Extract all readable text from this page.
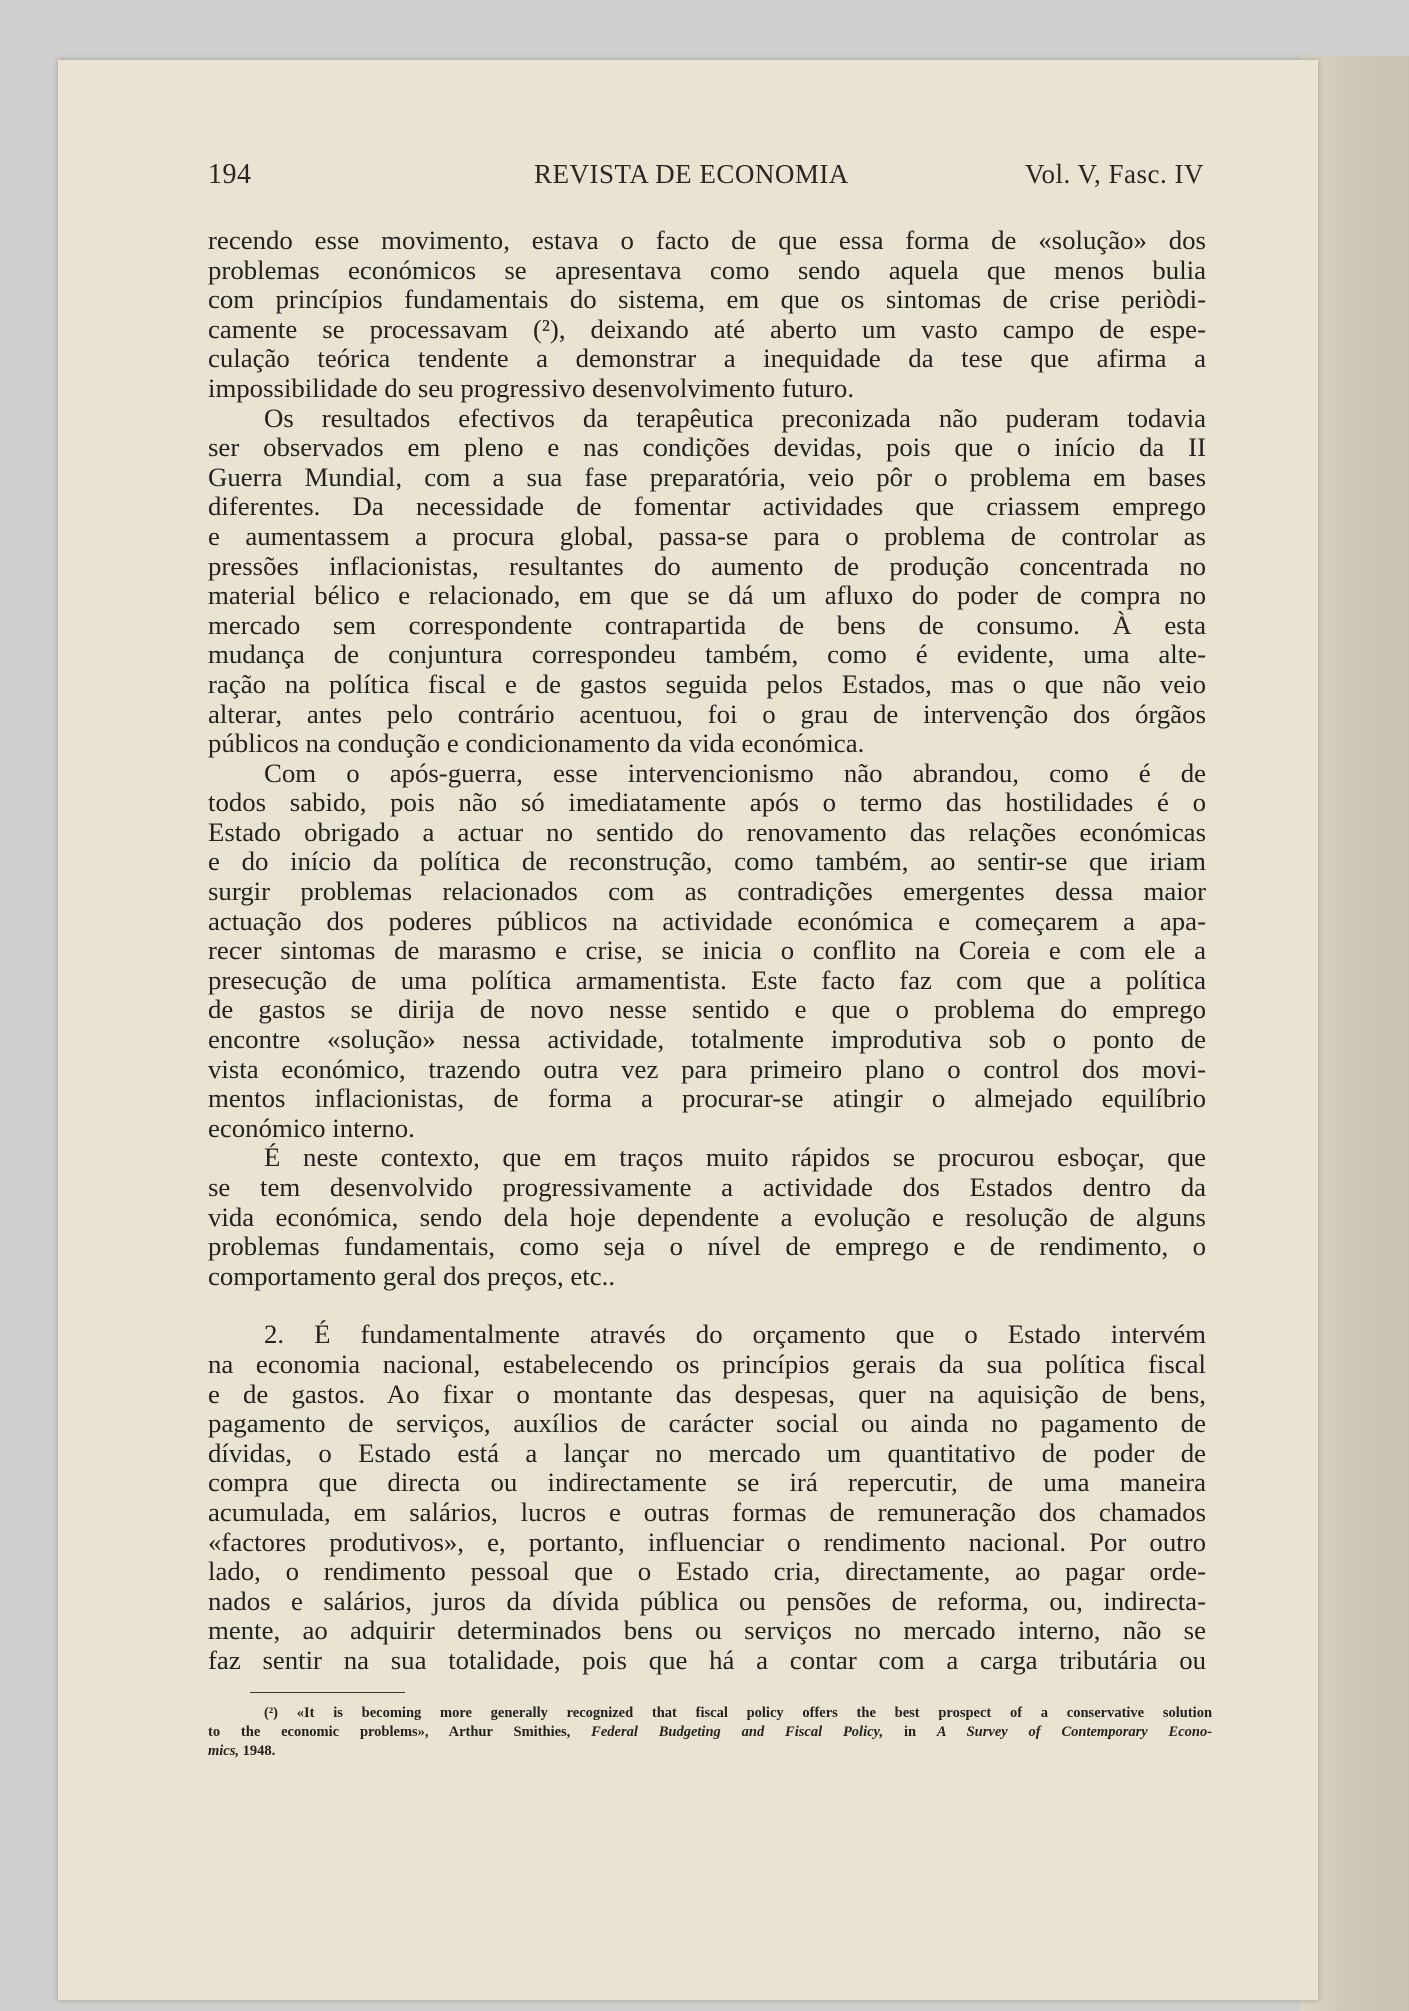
194	REVISTA DE ECONOMIA	Vol. V, Fasc. IV
recendo esse movimento, estava o facto de que essa forma de «solução» dos
problemas económicos se apresentava como sendo aquela que menos bulia
com princípios fundamentais do sistema, em que os sintomas de crise periòdi-
camente se processavam (²), deixando até aberto um vasto campo de espe-
culação teórica tendente a demonstrar a inequidade da tese que afirma a
impossibilidade do seu progressivo desenvolvimento futuro.
Os resultados efectivos da terapêutica preconizada não puderam todavia
ser observados em pleno e nas condições devidas, pois que o início da II
Guerra Mundial, com a sua fase preparatória, veio pôr o problema em bases
diferentes. Da necessidade de fomentar actividades que criassem emprego
e aumentassem a procura global, passa-se para o problema de controlar as
pressões inflacionistas, resultantes do aumento de produção concentrada no
material bélico e relacionado, em que se dá um afluxo do poder de compra no
mercado sem correspondente contrapartida de bens de consumo. À esta
mudança de conjuntura correspondeu também, como é evidente, uma alte-
ração na política fiscal e de gastos seguida pelos Estados, mas o que não veio
alterar, antes pelo contrário acentuou, foi o grau de intervenção dos órgãos
públicos na condução e condicionamento da vida económica.
Com o após-guerra, esse intervencionismo não abrandou, como é de
todos sabido, pois não só imediatamente após o termo das hostilidades é o
Estado obrigado a actuar no sentido do renovamento das relações económicas
e do início da política de reconstrução, como também, ao sentir-se que iriam
surgir problemas relacionados com as contradições emergentes dessa maior
actuação dos poderes públicos na actividade económica e começarem a apa-
recer sintomas de marasmo e crise, se inicia o conflito na Coreia e com ele a
presecução de uma política armamentista. Este facto faz com que a política
de gastos se dirija de novo nesse sentido e que o problema do emprego
encontre «solução» nessa actividade, totalmente improdutiva sob o ponto de
vista económico, trazendo outra vez para primeiro plano o control dos movi-
mentos inflacionistas, de forma a procurar-se atingir o almejado equilíbrio
económico interno.
É neste contexto, que em traços muito rápidos se procurou esboçar, que
se tem desenvolvido progressivamente a actividade dos Estados dentro da
vida económica, sendo dela hoje dependente a evolução e resolução de alguns
problemas fundamentais, como seja o nível de emprego e de rendimento, o
comportamento geral dos preços, etc..
2. É fundamentalmente através do orçamento que o Estado intervém
na economia nacional, estabelecendo os princípios gerais da sua política fiscal
e de gastos. Ao fixar o montante das despesas, quer na aquisição de bens,
pagamento de serviços, auxílios de carácter social ou ainda no pagamento de
dívidas, o Estado está a lançar no mercado um quantitativo de poder de
compra que directa ou indirectamente se irá repercutir, de uma maneira
acumulada, em salários, lucros e outras formas de remuneração dos chamados
«factores produtivos», e, portanto, influenciar o rendimento nacional. Por outro
lado, o rendimento pessoal que o Estado cria, directamente, ao pagar orde-
nados e salários, juros da dívida pública ou pensões de reforma, ou, indirecta-
mente, ao adquirir determinados bens ou serviços no mercado interno, não se
faz sentir na sua totalidade, pois que há a contar com a carga tributária ou
(²) «It is becoming more generally recognized that fiscal policy offers the best prospect of a conservative solution
to the economic problems», Arthur Smithies, Federal Budgeting and Fiscal Policy, in A Survey of Contemporary Econo-
mics, 1948.
